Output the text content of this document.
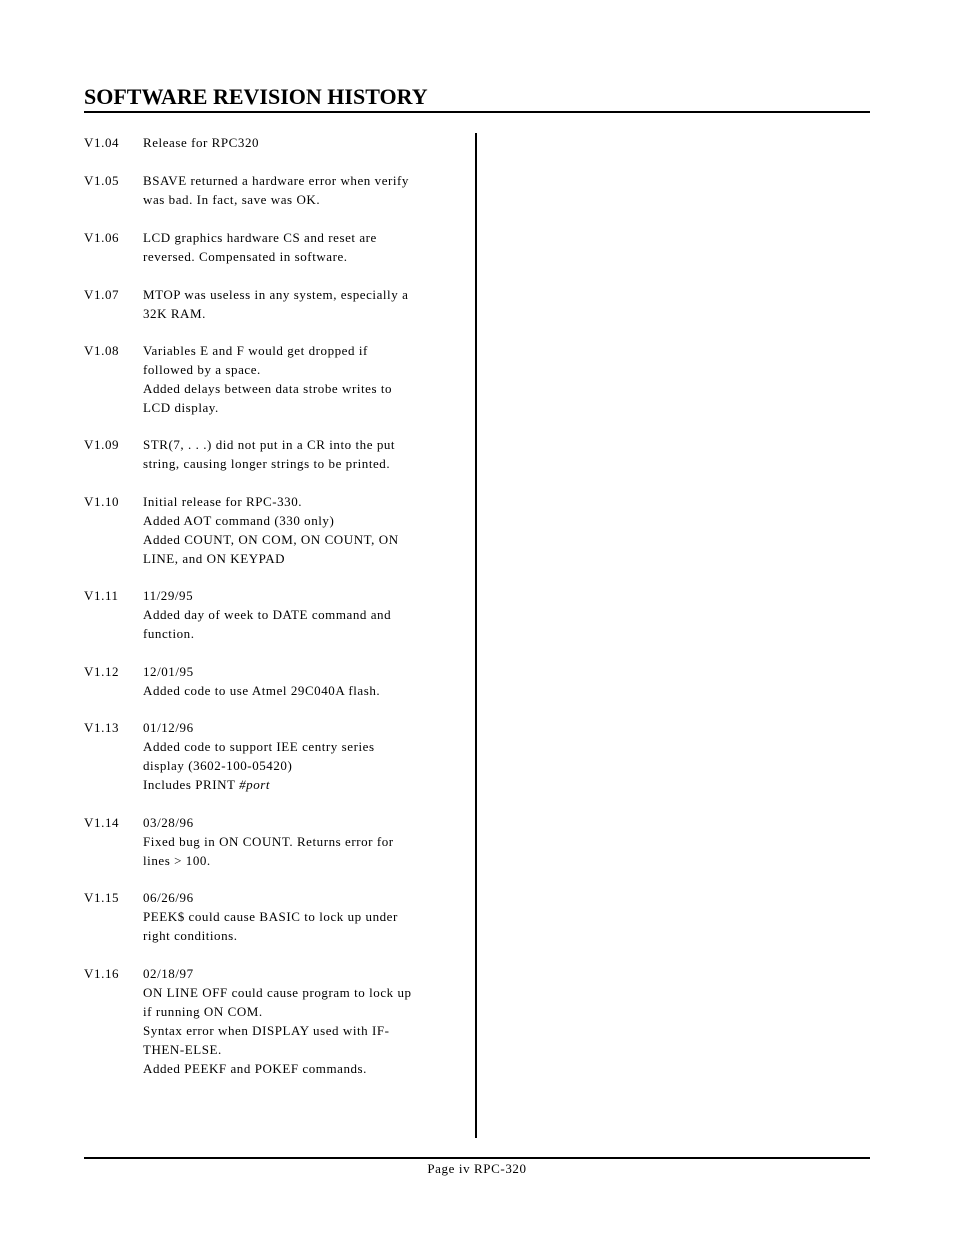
SOFTWARE REVISION HISTORY
V1.04 Release for RPC320
V1.05 BSAVE returned a hardware error when verify
was bad. In fact, save was OK.
V1.06 LCD graphics hardware CS and reset are
reversed. Compensated in software.
V1.07 MTOP was useless in any system, especially a
32K RAM.
V1.08 Variables E and F would get dropped if
followed by a space.
Added delays between data strobe writes to
LCD display.
V1.09 STR(7, . . .) did not put in a CR into the put
string, causing longer strings to be printed.
V1.10 Initial release for RPC-330.
Added AOT command (330 only)
Added COUNT, ON COM, ON COUNT, ON
LINE, and ON KEYPAD
V1.11 11/29/95
Added day of week to DATE command and
function.
V1.12 12/01/95
Added code to use Atmel 29C040A flash.
V1.13 01/12/96
Added code to support IEE centry series
display (3602-100-05420)
Includes PRINT #port
V1.14 03/28/96
Fixed bug in ON COUNT. Returns error for
lines > 100.
V1.15 06/26/96
PEEK$ could cause BASIC to lock up under
right conditions.
V1.16 02/18/97
ON LINE OFF could cause program to lock up
if running ON COM.
Syntax error when DISPLAY used with IF-
THEN-ELSE.
Added PEEKF and POKEF commands.
Page iv RPC-320
